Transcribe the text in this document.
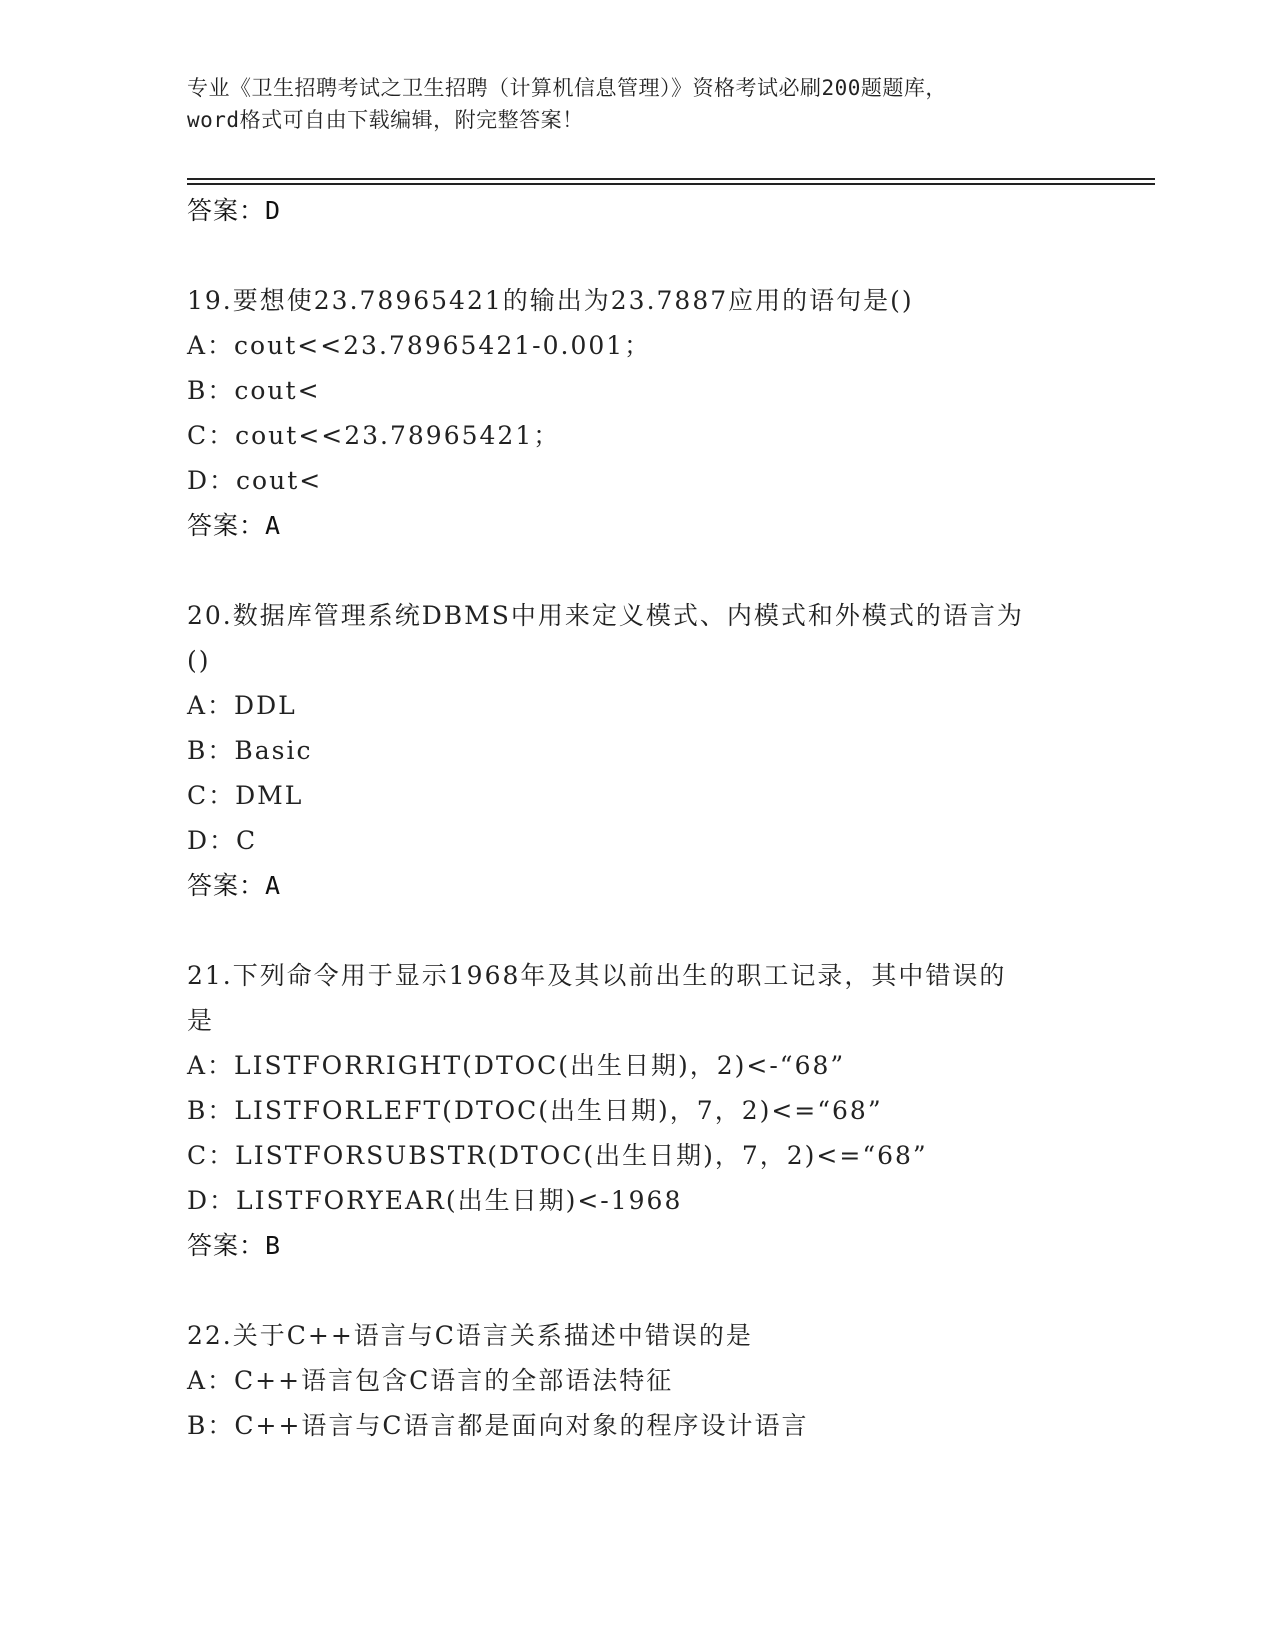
专业《卫生招聘考试之卫生招聘（计算机信息管理）》资格考试必刷200题题库，
word格式可自由下载编辑，附完整答案！
答案：D
19.要想使23.78965421的输出为23.7887应用的语句是()
A：cout<<23.78965421-0.001；
B：cout<
C：cout<<23.78965421；
D：cout<
答案：A
20.数据库管理系统DBMS中用来定义模式、内模式和外模式的语言为
()
A：DDL
B：Basic
C：DML
D：C
答案：A
21.下列命令用于显示1968年及其以前出生的职工记录，其中错误的
是
A：LISTFORRIGHT(DTOC(出生日期)，2)<-“68”
B：LISTFORLEFT(DTOC(出生日期)，7，2)<=“68”
C：LISTFORSUBSTR(DTOC(出生日期)，7，2)<=“68”
D：LISTFORYEAR(出生日期)<-1968
答案：B
22.关于C++语言与C语言关系描述中错误的是
A：C++语言包含C语言的全部语法特征
B：C++语言与C语言都是面向对象的程序设计语言
